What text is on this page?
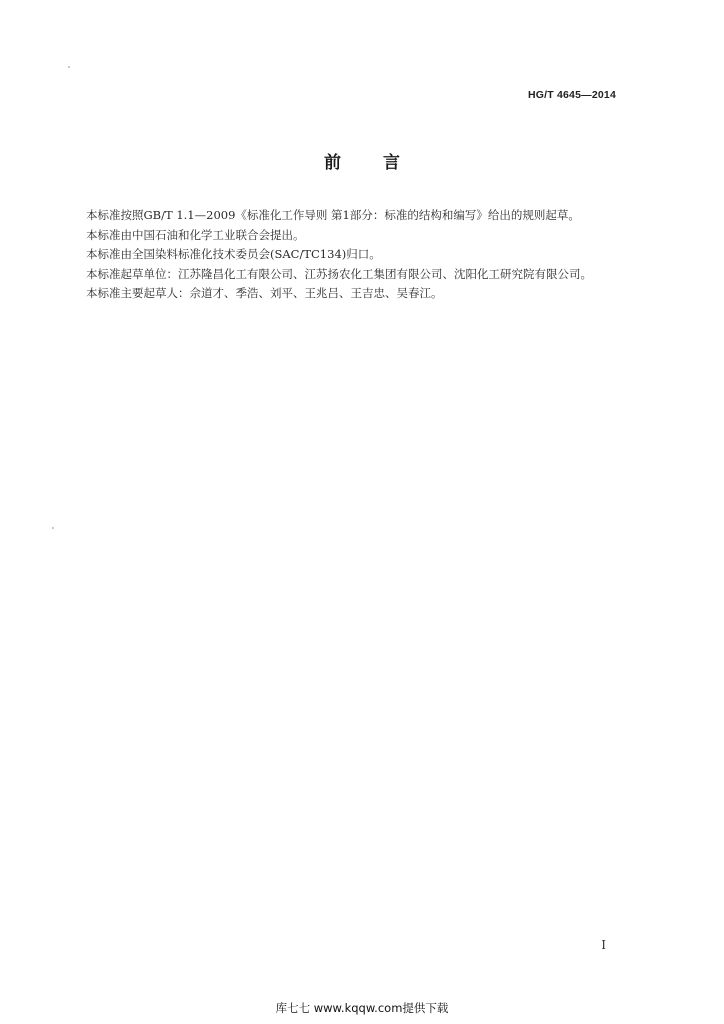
HG/T 4645—2014
前言

本标准按照GB/T 1.1—2009《标准化工作导则 第1部分：标准的结构和编写》给出的规则起草。

本标准由中国石油和化学工业联合会提出。

本标准由全国染料标准化技术委员会(SAC/TC134)归口。

本标准起草单位：江苏隆昌化工有限公司、江苏扬农化工集团有限公司、沈阳化工研究院有限公司。

本标准主要起草人：佘道才、季浩、刘平、王兆吕、王吉忠、吴春江。

I
库七七 www.kqqw.com提供下载
